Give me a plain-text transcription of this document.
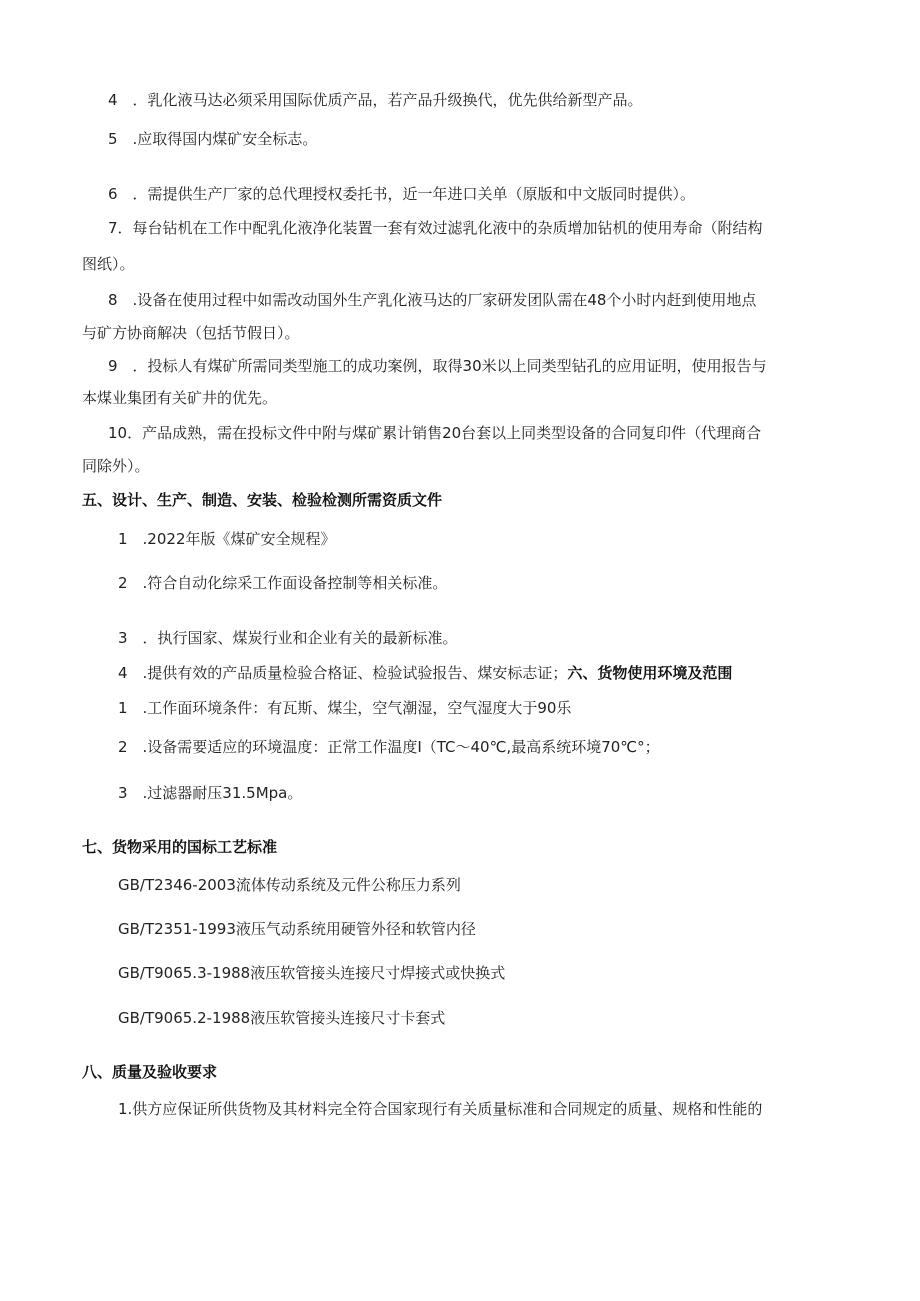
4　．乳化液马达必须采用国际优质产品，若产品升级换代，优先供给新型产品。
5　.应取得国内煤矿安全标志。
6　．需提供生产厂家的总代理授权委托书，近一年进口关单（原版和中文版同时提供）。
7．每台钻机在工作中配乳化液净化装置一套有效过滤乳化液中的杂质增加钻机的使用寿命（附结构
图纸）。
8　.设备在使用过程中如需改动国外生产乳化液马达的厂家研发团队需在48个小时内赶到使用地点
与矿方协商解决（包括节假日）。
9　．投标人有煤矿所需同类型施工的成功案例，取得30米以上同类型钻孔的应用证明，使用报告与
本煤业集团有关矿井的优先。
10．产品成熟，需在投标文件中附与煤矿累计销售20台套以上同类型设备的合同复印件（代理商合
同除外）。
五、设计、生产、制造、安装、检验检测所需资质文件
1　.2022年版《煤矿安全规程》
2　.符合自动化综采工作面设备控制等相关标准。
3　．执行国家、煤炭行业和企业有关的最新标准。
4　.提供有效的产品质量检验合格证、检验试验报告、煤安标志证；六、货物使用环境及范围
1　.工作面环境条件：有瓦斯、煤尘，空气潮湿，空气湿度大于90乐
2　.设备需要适应的环境温度：正常工作温度I（TC～40℃,最高系统环境70℃°；
3　.过滤器耐压31.5Mpa。
七、货物采用的国标工艺标准
GB/T2346-2003流体传动系统及元件公称压力系列
GB/T2351-1993液压气动系统用硬管外径和软管内径
GB/T9065.3-1988液压软管接头连接尺寸焊接式或快换式
GB/T9065.2-1988液压软管接头连接尺寸卡套式
八、质量及验收要求
1.供方应保证所供货物及其材料完全符合国家现行有关质量标准和合同规定的质量、规格和性能的
